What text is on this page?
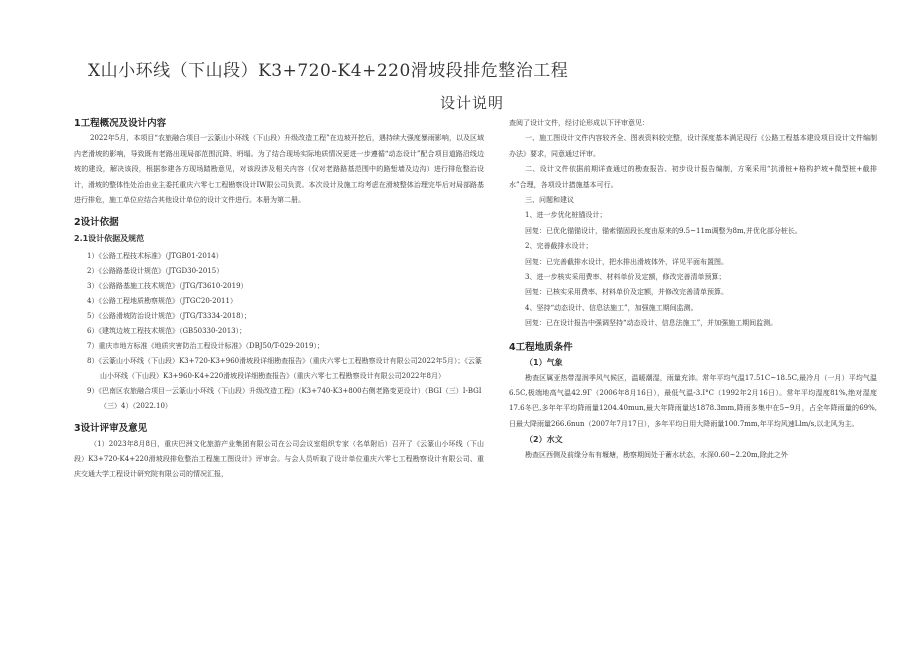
X山小环线（下山段）K3+720-K4+220滑坡段排危整治工程
设计说明

1工程概况及设计内容

2022年5月，本项目“农旅融合项目一云篆山小环线（下山段）升级改造工程”在边坡开挖后，遇持续大强度暴雨影响，以及区域内老滑坡的影响，导致既有老路出现局部范围沉降、坍塌。为了结合现场实际地质情况更进一步遵循“动态设计”配合项目道路沿线边坡的建设，解决该段，根据参建各方现场踏勘意见，对该段涉及相关内容（仅对老路路基范围中的路堑墙及边沟）进行排危整治设计，滑坡的整体性处治由业主委托重庆六零七工程勘察设计IW限公司负责。本次设计及施工均考虑在滑坡整体治理完毕后对局部路基进行排危，施工单位应结合其他设计单位的设计文件进行。本册为第二册。

2设计依据

2.1设计依据及规范

1）《公路工程技术标准》（JTGB01-2014）

2）《公路路基设计规范》（JTGD30-2015）

3）《公路路基施工技术规范》（JTG/T3610-2019）

4）《公路工程地质勘察规范》（JTGC20-2011）

5）《公路滑坡防治设计规范》（JTG/T3334-2018）；

6）《建筑边坡工程技术规范》（GB50330-2013）；

7）重庆市地方标准《地质灾害防治工程设计标准》（DBJ50/T-029-2019）；

8）《云篆山小环线（下山段）K3+720-K3+960滑坡段详细勘查报告》（重庆六零七工程勘察设计有限公司2022年5月）；《云篆山小环线（下山段）K3+960-K4+220滑坡段详细勘查报告》（重庆六零七工程勘察设计有限公司2022年8月）

9）《巴南区农旅融合项目一云篆山小环线（下山段）升级改造工程》（K3+740-K3+800右侧老路变更设计）（BGI（三）I-BGI（三）4）（2022.10）

3设计评审及意见

（1）2023年8月8日，重庆巴洲文化旅游产业集团有限公司在公司会议室组织专家（名单附后）召开了《云篆山小环线（下山段）K3+720-K4+220滑坡段排危整治工程施工图设计》评审会。与会人员听取了设计单位重庆六零七工程勘察设计有限公司、重庆交通大学工程设计研究院有限公司的情况汇报，

查阅了设计文件，经讨论形成以下评审意见：

一、施工图设计文件内容较齐全、图表资料较完整，设计深度基本满足现行《公路工程基本建设项目设计文件编制办法》要求，同意通过评审。

二、设计文件依据前期详查通过的勘查报告、初步设计报告编制，方案采用“抗滑桩+格构护坡+微型桩+截排水”合理，各项设计措施基本可行。

三、问题和建议

1、进一步优化桩锚设计；

回复：已优化锚锚设计，锚索锚固段长度由原来的9.5~11m调整为8m,并优化部分桩长。

2、完善截排水设计；

回复：已完善截排水设计，把水排出滑坡体外，详见平面布置图。

3、进一步核实采用费率、材料单价及定额，修改完善清单预算；

回复：已核实采用费率、材料单价及定额，并修改完善清单预算。

4、坚持“动态设计、信息法施工”，加强施工期间监测。

回复：已在设计报告中强调坚持“动态设计、信息法施工”，并加强施工期间监测。

4工程地质条件

（1）气象

勘查区属亚热带湿润季风气候区，温暖潮湿，雨量充沛。常年平均气温17.51C~18.5C,最冷月（一月）平均气温6.5C,极端地高气温42.9Γ（2006年8月16日），最低气温-3.I°C（1992年2月16日）。常年平均湿度81%,绝对湿度17.6冬巴,多年年平均降雨量1204.40mun,最大年降雨量达1878.3mm,降雨多集中在5~9月，占全年降雨量的69%,日最大降雨量266.6nun（2007年7月17日），多年平均日用大降雨量100.7mm,年平均风速Llm/s,以北风为主。

（2）水文

勘查区西侧及前缘分布有堰塘，勘察期间处于蓄水状态，水深0.60~2.20m,除此之外
